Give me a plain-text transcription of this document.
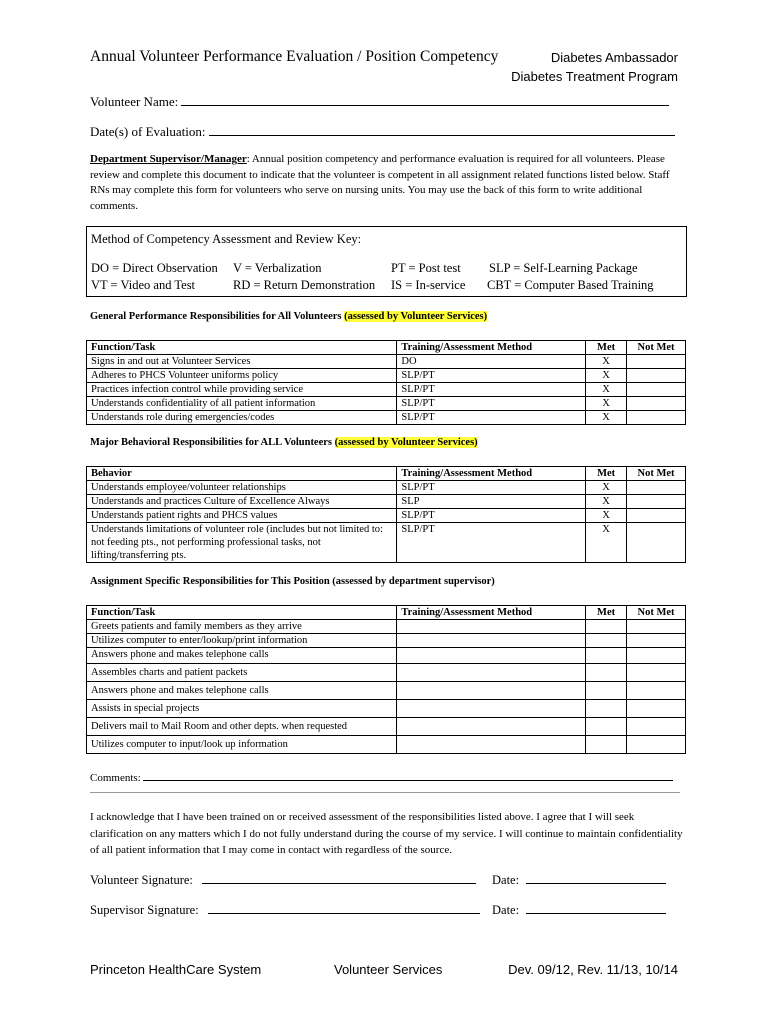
Annual Volunteer Performance Evaluation / Position Competency	Diabetes Ambassador
Diabetes Treatment Program
Volunteer Name:
Date(s) of Evaluation:
Department Supervisor/Manager: Annual position competency and performance evaluation is required for all volunteers. Please review and complete this document to indicate that the volunteer is competent in all assignment related functions listed below. Staff RNs may complete this form for volunteers who serve on nursing units. You may use the back of this form to write additional comments.
Method of Competency Assessment and Review Key:
DO = Direct Observation V = Verbalization	PT = Post test SLP = Self-Learning Package
VT = Video and Test	RD = Return Demonstration IS = In-service CBT = Computer Based Training
General Performance Responsibilities for All Volunteers (assessed by Volunteer Services)
Function/Task	Training/Assessment Method	Met	Not Met
Signs in and out at Volunteer Services	DO	X	
Adheres to PHCS Volunteer uniforms policy	SLP/PT	X	
Practices infection control while providing service	SLP/PT	X	
Understands confidentiality of all patient information	SLP/PT	X	
Understands role during emergencies/codes	SLP/PT	X	
Major Behavioral Responsibilities for ALL Volunteers (assessed by Volunteer Services)
Behavior	Training/Assessment Method	Met	Not Met
Understands employee/volunteer relationships	SLP/PT	X	
Understands and practices Culture of Excellence Always	SLP	X	
Understands patient rights and PHCS values	SLP/PT	X	
Understands limitations of volunteer role (includes but not limited to: not feeding pts., not performing professional tasks, not lifting/transferring pts.	SLP/PT	X	
Assignment Specific Responsibilities for This Position (assessed by department supervisor)
Function/Task	Training/Assessment Method	Met	Not Met
Greets patients and family members as they arrive			
Utilizes computer to enter/lookup/print information			
Answers phone and makes telephone calls			
Assembles charts and patient packets			
Answers phone and makes telephone calls			
Assists in special projects			
Delivers mail to Mail Room and other depts. when requested			
Utilizes computer to input/look up information			
Comments:
I acknowledge that I have been trained on or received assessment of the responsibilities listed above. I agree that I will seek clarification on any matters which I do not fully understand during the course of my service. I will continue to maintain confidentiality of all patient information that I may come in contact with regardless of the source.
Volunteer Signature:	Date:
Supervisor Signature:	Date:
Princeton HealthCare System	Volunteer Services	Dev. 09/12, Rev. 11/13, 10/14
